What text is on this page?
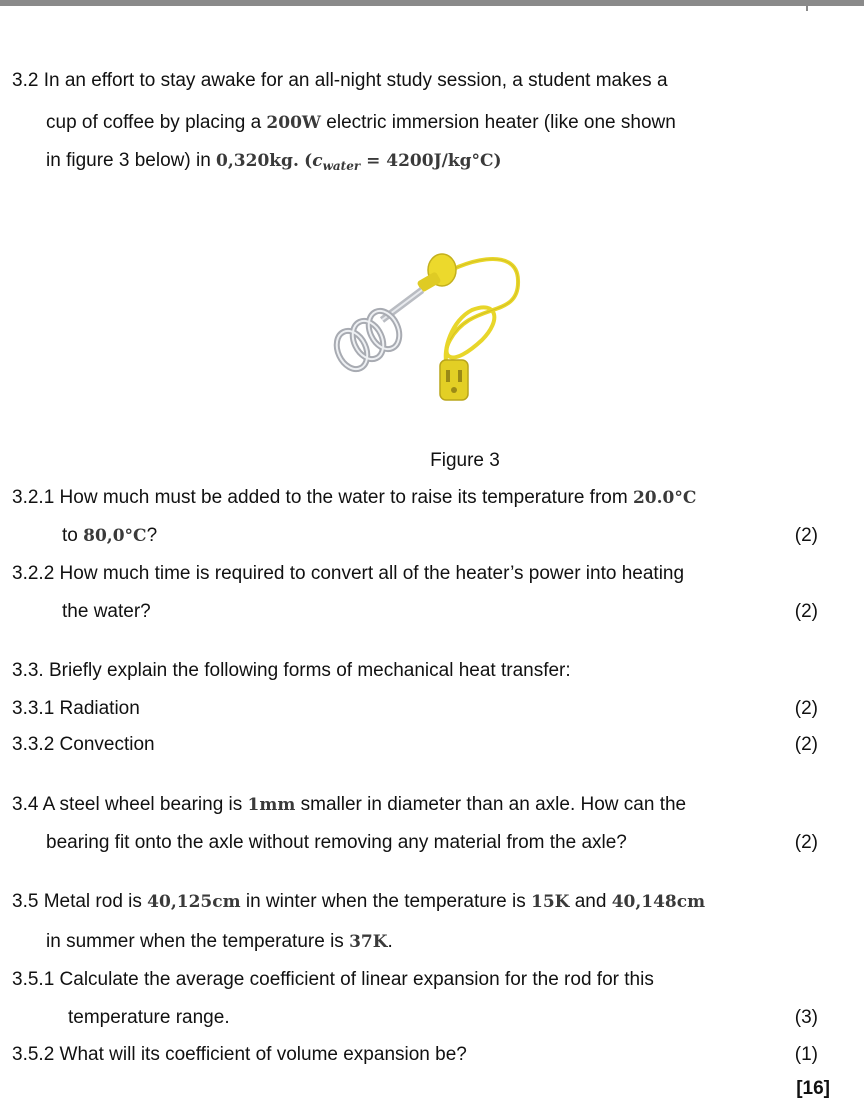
3.2 In an effort to stay awake for an all-night study session, a student makes a
cup of coffee by placing a 200W electric immersion heater (like one shown
in figure 3 below) in 0,320kg. $(c_{water} = 4200J/kg^\circ C)$
Figure 3
3.2.1 How much must be added to the water to raise its temperature from 20.0°C
to 80,0°C?	(2)
3.2.2 How much time is required to convert all of the heater’s power into heating
the water?	(2)
3.3. Briefly explain the following forms of mechanical heat transfer:
3.3.1 Radiation	(2)
3.3.2 Convection	(2)
3.4 A steel wheel bearing is 1mm smaller in diameter than an axle. How can the
bearing fit onto the axle without removing any material from the axle?	(2)
3.5 Metal rod is 40,125cm in winter when the temperature is 15K and 40,148cm
in summer when the temperature is 37K.
3.5.1 Calculate the average coefficient of linear expansion for the rod for this
temperature range.	(3)
3.5.2 What will its coefficient of volume expansion be?	(1)
[16]
